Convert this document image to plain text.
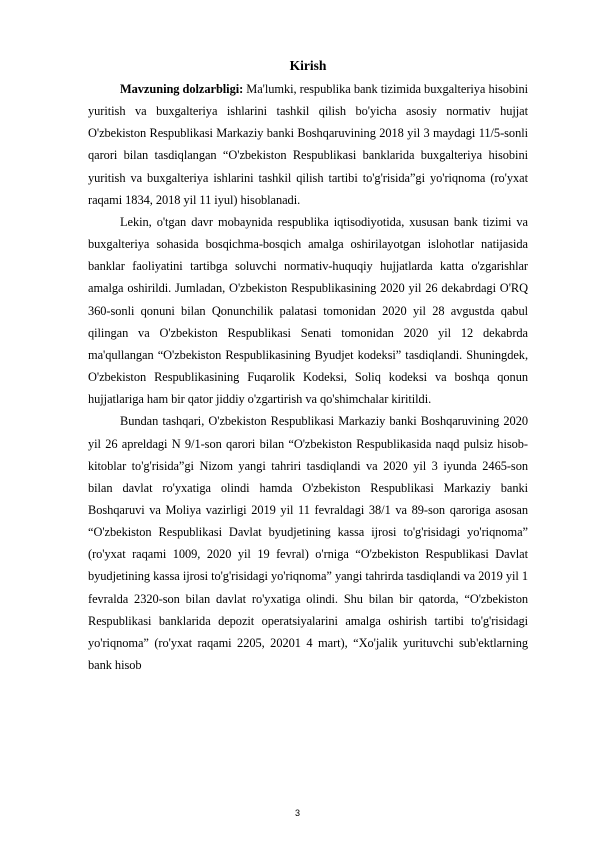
Kirish

Mavzuning dolzarbligi: Ma'lumki, respublika bank tizimida buxgalteriya hisobini yuritish va buxgalteriya ishlarini tashkil qilish bo'yicha asosiy normativ hujjat O'zbekiston Respublikasi Markaziy banki Boshqaruvining 2018 yil 3 maydagi 11/5-sonli qarori bilan tasdiqlangan “O'zbekiston Respublikasi banklarida buxgalteriya hisobini yuritish va buxgalteriya ishlarini tashkil qilish tartibi to'g'risida”gi yo'riqnoma (ro'yxat raqami 1834, 2018 yil 11 iyul) hisoblanadi.

Lekin, o'tgan davr mobaynida respublika iqtisodiyotida, xususan bank tizimi va buxgalteriya sohasida bosqichma-bosqich amalga oshirilayotgan islohotlar natijasida banklar faoliyatini tartibga soluvchi normativ-huquqiy hujjatlarda katta o'zgarishlar amalga oshirildi. Jumladan, O'zbekiston Respublikasining 2020 yil 26 dekabrdagi O'RQ 360-sonli qonuni bilan Qonunchilik palatasi tomonidan 2020 yil 28 avgustda qabul qilingan va O'zbekiston Respublikasi Senati tomonidan 2020 yil 12 dekabrda ma'qullangan “O'zbekiston Respublikasining Byudjet kodeksi” tasdiqlandi. Shuningdek, O'zbekiston Respublikasining Fuqarolik Kodeksi, Soliq kodeksi va boshqa qonun hujjatlariga ham bir qator jiddiy o'zgartirish va qo'shimchalar kiritildi.

Bundan tashqari, O'zbekiston Respublikasi Markaziy banki Boshqaruvining 2020 yil 26 apreldagi N 9/1-son qarori bilan “O'zbekiston Respublikasida naqd pulsiz hisob-kitoblar to'g'risida”gi Nizom yangi tahriri tasdiqlandi va 2020 yil 3 iyunda 2465-son bilan davlat ro'yxatiga olindi hamda O'zbekiston Respublikasi Markaziy banki Boshqaruvi va Moliya vazirligi 2019 yil 11 fevraldagi 38/1 va 89-son qaroriga asosan “O'zbekiston Respublikasi Davlat byudjetining kassa ijrosi to'g'risidagi yo'riqnoma” (ro'yxat raqami 1009, 2020 yil 19 fevral) o'rniga “O'zbekiston Respublikasi Davlat byudjetining kassa ijrosi to'g'risidagi yo'riqnoma” yangi tahrirda tasdiqlandi va 2019 yil 1 fevralda 2320-son bilan davlat ro'yxatiga olindi. Shu bilan bir qatorda, “O'zbekiston Respublikasi banklarida depozit operatsiyalarini amalga oshirish tartibi to'g'risidagi yo'riqnoma” (ro'yxat raqami 2205, 20201 4 mart), “Xo'jalik yurituvchi sub'ektlarning bank hisob

3
